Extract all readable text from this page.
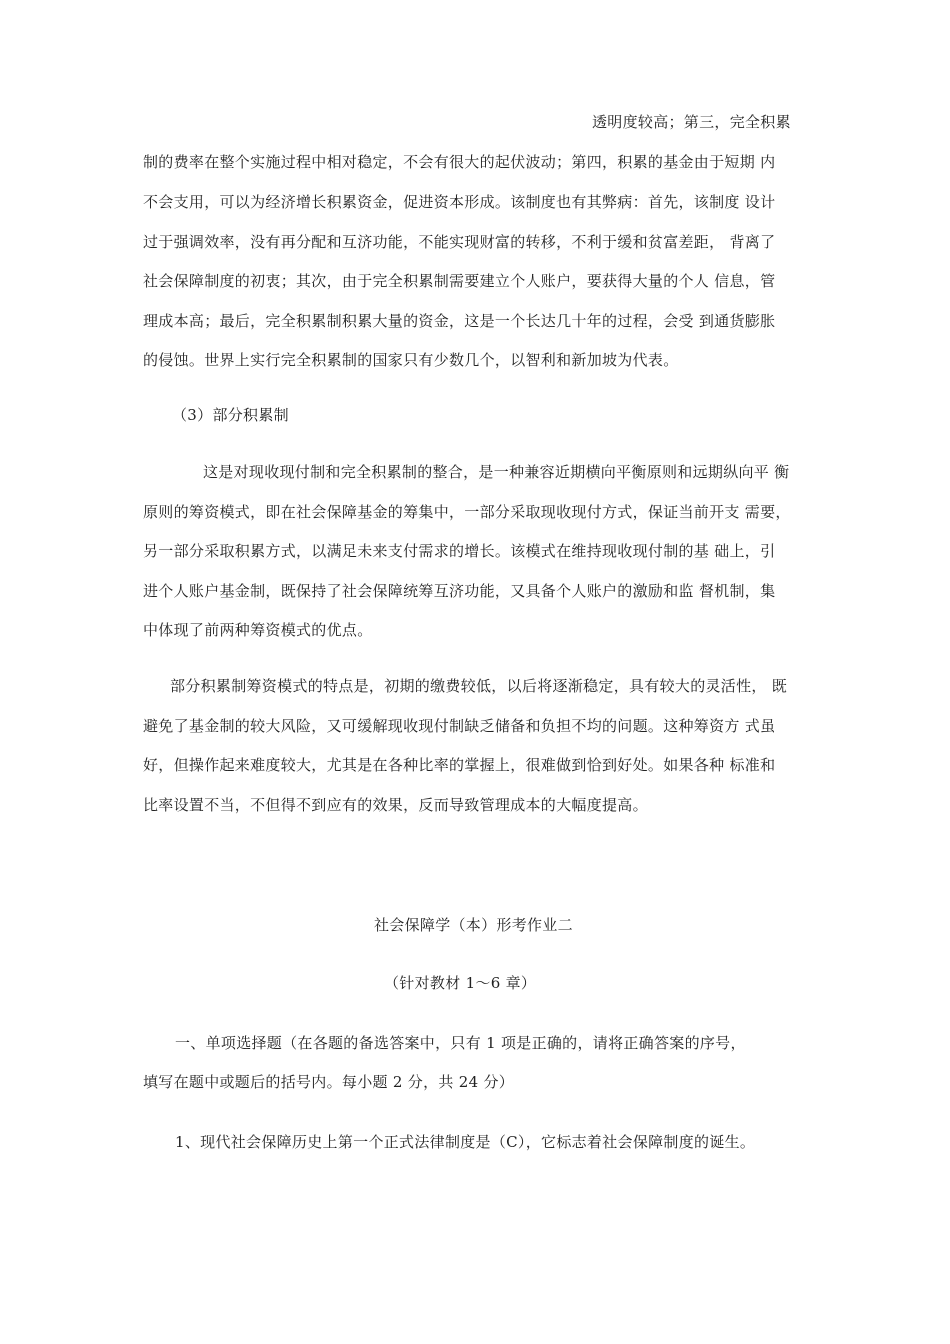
透明度较高；第三，完全积累
制的费率在整个实施过程中相对稳定，不会有很大的起伏波动；第四，积累的基金由于短期 内
不会支用，可以为经济增长积累资金，促进资本形成。该制度也有其弊病：首先，该制度 设计
过于强调效率，没有再分配和互济功能，不能实现财富的转移，不利于缓和贫富差距， 背离了
社会保障制度的初衷；其次，由于完全积累制需要建立个人账户，要获得大量的个人 信息，管
理成本高；最后，完全积累制积累大量的资金，这是一个长达几十年的过程，会受 到通货膨胀
的侵蚀。世界上实行完全积累制的国家只有少数几个，以智利和新加坡为代表。
（3）部分积累制
这是对现收现付制和完全积累制的整合，是一种兼容近期横向平衡原则和远期纵向平 衡
原则的筹资模式，即在社会保障基金的筹集中，一部分采取现收现付方式，保证当前开支 需要，
另一部分采取积累方式，以满足未来支付需求的增长。该模式在维持现收现付制的基 础上，引
进个人账户基金制，既保持了社会保障统筹互济功能，又具备个人账户的激励和监 督机制，集
中体现了前两种筹资模式的优点。
部分积累制筹资模式的特点是，初期的缴费较低，以后将逐渐稳定，具有较大的灵活性， 既
避免了基金制的较大风险，又可缓解现收现付制缺乏储备和负担不均的问题。这种筹资方 式虽
好，但操作起来难度较大，尤其是在各种比率的掌握上，很难做到恰到好处。如果各种 标准和
比率设置不当，不但得不到应有的效果，反而导致管理成本的大幅度提高。
社会保障学（本）形考作业二
（针对教材 1～6 章）
一、单项选择题（在各题的备选答案中，只有 1 项是正确的，请将正确答案的序号，
填写在题中或题后的括号内。每小题 2 分，共 24 分）
1、现代社会保障历史上第一个正式法律制度是（C），它标志着社会保障制度的诞生。
